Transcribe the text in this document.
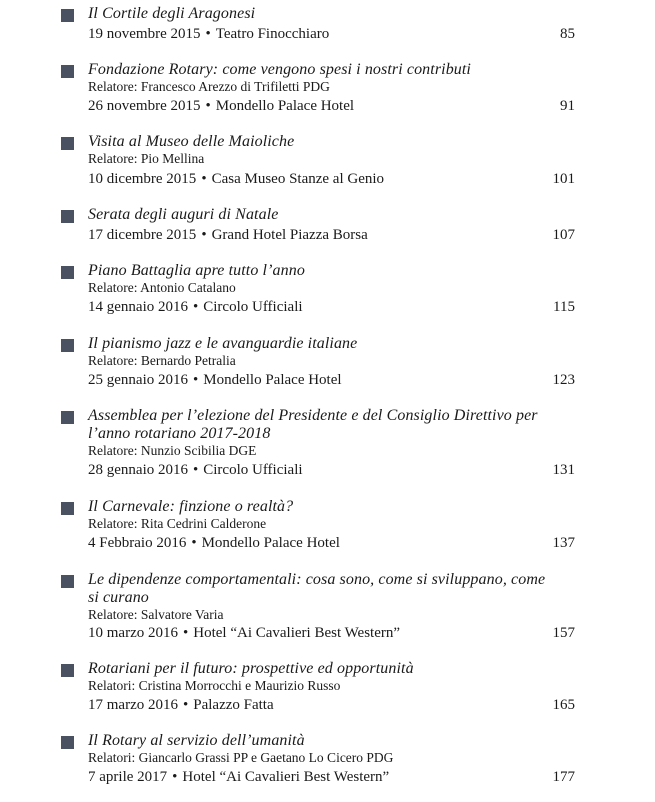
Il Cortile degli Aragonesi
19 novembre 2015 • Teatro Finocchiaro	85
Fondazione Rotary: come vengono spesi i nostri contributi
Relatore: Francesco Arezzo di Trifiletti PDG
26 novembre 2015 • Mondello Palace Hotel	91
Visita al Museo delle Maioliche
Relatore: Pio Mellina
10 dicembre 2015 • Casa Museo Stanze al Genio	101
Serata degli auguri di Natale
17 dicembre 2015 • Grand Hotel Piazza Borsa	107
Piano Battaglia apre tutto l’anno
Relatore: Antonio Catalano
14 gennaio 2016 • Circolo Ufficiali	115
Il pianismo jazz e le avanguardie italiane
Relatore: Bernardo Petralia
25 gennaio 2016 • Mondello Palace Hotel	123
Assemblea per l’elezione del Presidente e del Consiglio Direttivo per l’anno rotariano 2017-2018
Relatore: Nunzio Scibilia DGE
28 gennaio 2016 • Circolo Ufficiali	131
Il Carnevale: finzione o realtà?
Relatore: Rita Cedrini Calderone
4 Febbraio 2016 • Mondello Palace Hotel	137
Le dipendenze comportamentali: cosa sono, come si sviluppano, come si curano
Relatore: Salvatore Varia
10 marzo 2016 • Hotel “Ai Cavalieri Best Western”	157
Rotariani per il futuro: prospettive ed opportunità
Relatori: Cristina Morrocchi e Maurizio Russo
17 marzo 2016 • Palazzo Fatta	165
Il Rotary al servizio dell’umanità
Relatori: Giancarlo Grassi PP e Gaetano Lo Cicero PDG
7 aprile 2017 • Hotel “Ai Cavalieri Best Western”	177
